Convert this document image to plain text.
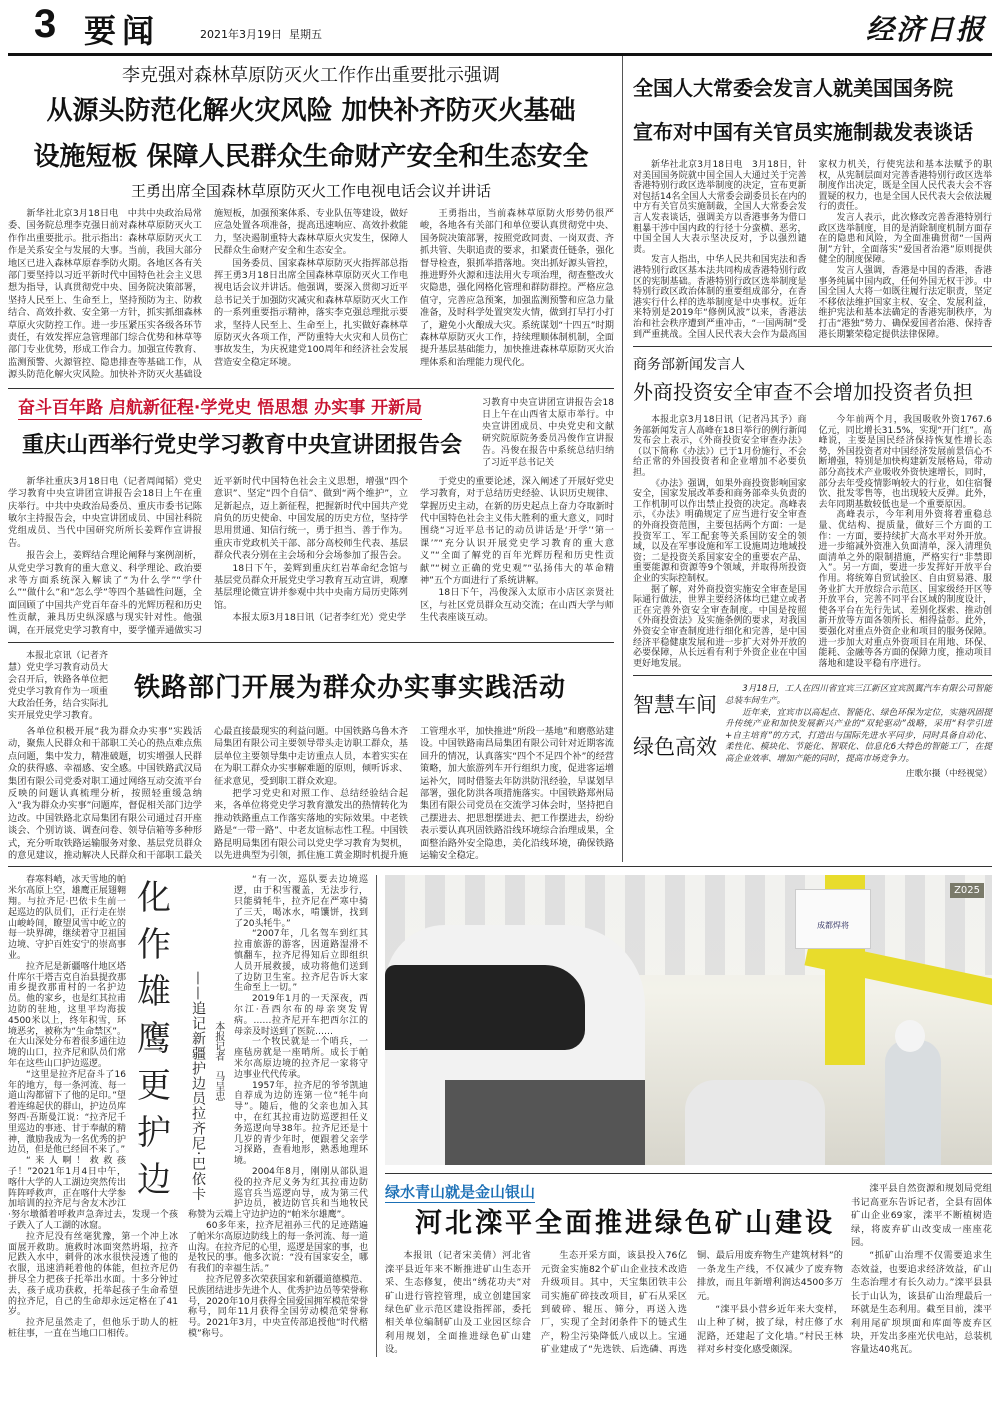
3 要闻	2021年3月19日 星期五	经济日报
李克强对森林草原防灭火工作作出重要批示强调
从源头防范化解火灾风险 加快补齐防灭火基础
设施短板 保障人民群众生命财产安全和生态安全
王勇出席全国森林草原防灭火工作电视电话会议并讲话

新华社北京3月18日电　中共中央政治局常委、国务院总理李克强日前对森林草原防灭火工作作出重要批示。批示指出：森林草原防灭火工作是关系安全与发展的大事。当前，我国大部分地区已进入森林草原春季防火期。各地区各有关部门要坚持以习近平新时代中国特色社会主义思想为指导，认真贯彻党中央、国务院决策部署，坚持人民至上、生命至上，坚持预防为主、防救结合、高效扑救、安全第一方针，抓实抓细森林草原火灾防控工作。进一步压紧压实各级各环节责任，有效发挥应急管理部门综合优势和林草等部门专业优势，形成工作合力。加强宣传教育、监测预警、火源管控、隐患排查等基础工作，从源头防范化解火灾风险。加快补齐防灭火基础设施短板，加强预案体系、专业队伍等建设，做好应急处置各项准备，提高迅速响应、高效扑救能力，坚决遏制重特大森林草原火灾发生，保障人民群众生命财产安全和生态安全。

国务委员、国家森林草原防灭火指挥部总指挥王勇3月18日出席全国森林草原防灭火工作电视电话会议并讲话。他强调，要深入贯彻习近平总书记关于加强防灾减灾和森林草原防灭火工作的一系列重要指示精神，落实李克强总理批示要求，坚持人民至上、生命至上，扎实做好森林草原防灭火各项工作，严防重特大火灾和人员伤亡事故发生，为庆祝建党100周年和经济社会发展营造安全稳定环境。

王勇指出，当前森林草原防火形势仍很严峻，各地各有关部门和单位要认真贯彻党中央、国务院决策部署，按照党政同责、一岗双责、齐抓共管、失职追责的要求，扣紧责任链条，强化督导检查，狠抓举措落地。突出抓好源头管控，推进野外火源和违法用火专项治理，彻查整改火灾隐患，强化网格化管理和群防群控。严格应急值守，完善应急预案，加强监测预警和应急力量准备，及时科学处置突发火情，做到打早打小打了，避免小火酿成大灾。系统谋划“十四五”时期森林草原防灭火工作，持续理顺体制机制，全面提升基层基础能力，加快推进森林草原防灭火治理体系和治理能力现代化。

奋斗百年路 启航新征程·学党史 悟思想 办实事 开新局
重庆山西举行党史学习教育中央宣讲团报告会
习教育中央宣讲团宣讲报告会18日上午在山西省太原市举行。中央宣讲团成员、中央党史和文献研究院原院务委员冯俊作宣讲报告。冯俊在报告中系统总结归纳了习近平总书记关

新华社重庆3月18日电（记者周闻韬）党史学习教育中央宣讲团宣讲报告会18日上午在重庆举行。中共中央政治局委员、重庆市委书记陈敏尔主持报告会，中央宣讲团成员、中国社科院党组成员、当代中国研究所所长姜辉作宣讲报告。

报告会上，姜辉结合理论阐释与案例剖析，从党史学习教育的重大意义、科学理论、政治要求等方面系统深入解读了“为什么学”“学什么”“做什么”和“怎么学”等四个基础性问题，全面回顾了中国共产党百年奋斗的光辉历程和历史性贡献，兼具历史纵深感与现实针对性。他强调，在开展党史学习教育中，要学懂弄通做实习近平新时代中国特色社会主义思想，增强“四个意识”、坚定“四个自信”、做到“两个维护”，立足新起点，迈上新征程，把握新时代中国共产党肩负的历史使命、中国发展的历史方位，坚持学思用贯通、知信行统一，勇于担当、善于作为。重庆市党政机关干部、部分高校师生代表、基层群众代表分别在主会场和分会场参加了报告会。

18日下午，姜辉到重庆红岩革命纪念馆与基层党员群众开展党史学习教育互动宣讲，观摩基层理论微宣讲并参观中共中央南方局历史陈列馆。

本报太原3月18日讯（记者李红光）党史学

于党史的重要论述，深入阐述了开展好党史学习教育，对于总结历史经验、认识历史规律、掌握历史主动，在新的历史起点上奋力夺取新时代中国特色社会主义伟大胜利的重大意义，同时围绕“习近平总书记的动员讲话是‘开学’‘第一课’”“充分认识开展党史学习教育的重大意义”“全面了解党的百年光辉历程和历史性贡献”“树立正确的党史观”“弘扬伟大的革命精神”五个方面进行了系统讲解。

18日下午，冯俊深入太原市小店区亲贤社区，与社区党员群众互动交流；在山西大学与师生代表座谈互动。

本报北京讯（记者齐慧）党史学习教育动员大会召开后，铁路各单位把党史学习教育作为一项重大政治任务，结合实际扎实开展党史学习教育。

铁路部门开展为群众办实事实践活动

各单位积极开展“我为群众办实事”实践活动，聚焦人民群众和干部职工关心的热点难点焦点问题，集中发力，精准破题，切实增强人民群众的获得感、幸福感、安全感。中国铁路武汉局集团有限公司党委对职工通过网络互动交流平台反映的问题认真梳理分析，按照轻重缓急纳入“我为群众办实事”问题库，督促相关部门边学边改。中国铁路北京局集团有限公司通过召开座谈会、个别访谈、调查问卷、领导信箱等多种形式，充分听取铁路运输服务对象、基层党员群众的意见建议，推动解决人民群众和干部职工最关心最直接最现实的利益问题。中国铁路乌鲁木齐局集团有限公司主要领导带头走访职工群众，基层单位主要领导集中走访重点人员，本着实实在在为职工群众办实事解难题的原则，倾听诉求、征求意见，受到职工群众欢迎。

把学习党史和对照工作、总结经验结合起来，各单位将党史学习教育激发出的热情转化为推动铁路重点工作落实落地的实际效果。中老铁路是“一带一路”、中老友谊标志性工程。中国铁路昆明局集团有限公司以党史学习教育为契机，以先进典型为引领，抓住施工黄金期时机提升施工管理水平，加快推进“所段一基地”和磨憨站建设。中国铁路南昌局集团有限公司针对近期客流回升的情况，认真落实“四个不足四个补”的经营策略，加大旅游列车开行组织力度，促进客运增运补欠，同时借鉴去年防洪防汛经验，早谋划早部署，强化防洪各项措施落实。中国铁路郑州局集团有限公司党员在交流学习体会时，坚持把自己摆进去、把思想摆进去、把工作摆进去，纷纷表示要认真巩固铁路沿线环境综合治理成果，全面整治路外安全隐患，美化沿线环境，确保铁路运输安全稳定。

全国人大常委会发言人就美国国务院
宣布对中国有关官员实施制裁发表谈话

新华社北京3月18日电　3月18日，针对美国国务院就中国全国人大通过关于完善香港特别行政区选举制度的决定，宣布更新对包括14名全国人大常委会副委员长在内的中方有关官员实施制裁，全国人大常委会发言人发表谈话，强调美方以香港事务为借口粗暴干涉中国内政的行径十分蛮横、恶劣，中国全国人大表示坚决反对，予以强烈谴责。

发言人指出，中华人民共和国宪法和香港特别行政区基本法共同构成香港特别行政区的宪制基础。香港特别行政区选举制度是特别行政区政治体制的重要组成部分，在香港实行什么样的选举制度是中央事权。近年来特别是2019年“修例风波”以来，香港法治和社会秩序遭到严重冲击，“一国两制”受到严重挑战。全国人民代表大会作为最高国家权力机关，行使宪法和基本法赋予的职权，从宪制层面对完善香港特别行政区选举制度作出决定，既是全国人民代表大会不容置疑的权力，也是全国人民代表大会依法履行的责任。

发言人表示，此次修改完善香港特别行政区选举制度，目的是消除制度机制方面存在的隐患和风险，为全面准确贯彻“一国两制”方针，全面落实“爱国者治港”原则提供健全的制度保障。

发言人强调，香港是中国的香港，香港事务纯属中国内政，任何外国无权干涉。中国全国人大将一如既往履行法定职责，坚定不移依法维护国家主权、安全、发展利益，维护宪法和基本法确定的香港宪制秩序，为打击“港独”势力、确保爱国者治港、保持香港长期繁荣稳定提供法律保障。

商务部新闻发言人
外商投资安全审查不会增加投资者负担

本报北京3月18日讯（记者冯其予）商务部新闻发言人高峰在18日举行的例行新闻发布会上表示，《外商投资安全审查办法》（以下简称《办法》）已于1月份施行，不会给正常的外国投资者和企业增加不必要负担。

《办法》强调，如果外商投资影响国家安全，国家发展改革委和商务部牵头负责的工作机制可以作出禁止投资的决定。高峰表示，《办法》明确规定了应当进行安全审查的外商投资范围，主要包括两个方面：一是投资军工、军工配套等关系国防安全的领域，以及在军事设施和军工设施周边地域投资；二是投资关系国家安全的重要农产品、重要能源和资源等9个领域，并取得所投资企业的实际控制权。

据了解，对外商投资实施安全审查是国际通行做法，世界主要经济体均已建立或者正在完善外资安全审查制度。中国是按照《外商投资法》及实施条例的要求，对我国外资安全审查制度进行细化和完善，是中国经济平稳健康发展和进一步扩大对外开放的必要保障，从长远看有利于外资企业在中国更好地发展。

今年前两个月，我国吸收外资1767.6亿元，同比增长31.5%，实现“开门红”。高峰说，主要是国民经济保持恢复性增长态势，外国投资者对中国经济发展前景信心不断增强，特别是加快构建新发展格局，带动部分高技术产业吸收外资快速增长，同时，部分去年受疫情影响较大的行业，如住宿餐饮、批发零售等，也出现较大反弹。此外，去年同期基数较低也是一个重要原因。

高峰表示，今年利用外资将着重稳总量、优结构、提质量，做好三个方面的工作：一方面，要持续扩大高水平对外开放。进一步缩减外资准入负面清单，深入清理负面清单之外的限制措施，严格实行“非禁即入”。另一方面，要进一步发挥好开放平台作用。将统筹自贸试验区、自由贸易港、服务业扩大开放综合示范区、国家级经开区等开放平台，完善不同平台区域的制度设计，使各平台在先行先试、差别化探索、推动创新开放等方面各领所长、相得益彰。此外，要强化对重点外资企业和项目的服务保障。进一步加大对重点外资项目在用地、环保、能耗、金融等各方面的保障力度，推动项目落地和建设平稳有序进行。

智慧车间
绿色高效

3月18日，工人在四川省宜宾三江新区宜宾凯翼汽车有限公司智能总装车间生产。

近年来，宜宾市以高起点、智能化、绿色环保为定位，实施巩固提升传统产业和加快发展新兴产业的“双轮驱动”战略，采用“科学引进+自主培育”的方式，打造出与国际先进水平同步，同时具备自动化、柔性化、模块化、节能化、智联化、信息化6大特色的智能工厂，在提高企业效率、增加产能的同时，提高市场竞争力。

庄歌尔摄（中经视觉）
化
作
雄
鹰
更
护
边

春寒料峭，冰天雪地的帕米尔高原上空，雄鹰正展翅翱翔。与拉齐尼·巴依卡生前一起巡边的队员们，正行走在崇山峻岭间，瞭望风雪中屹立的每一块界碑，继续着守卫祖国边境、守护百姓安宁的崇高事业。

拉齐尼是新疆喀什地区塔什库尔干塔吉克自治县提孜那甫乡提孜那甫村的一名护边员。他的家乡，也是红其拉甫边防的驻地，这里平均海拔4500米以上，终年积雪，环境恶劣，被称为“生命禁区”。在大山深处分布着很多通往边境的山口，拉齐尼和队员们常年在这些山口护边巡逻。

“这里是拉齐尼奋斗了16年的地方，每一条河流、每一道山沟都留下了他的足印。”望着连绵起伏的群山，护边员库努西·吾斯曼江说：“拉齐尼千里巡边的事迹、甘于奉献的精神，激励我成为一名优秀的护边员，但是他已经回不来了。”

“来人啊！救救孩子！”2021年1月4日中午，喀什大学的人工湖边突然传出阵阵呼救声，正在喀什大学参加培训的拉齐尼与舍友木沙江·努尔墩循着呼救声急奔过去，发现一个孩子跌入了人工湖的冰窟。

拉齐尼没有丝毫犹豫，第一个冲上冰面展开救助。施救时冰面突然坍塌，拉齐尼跌入水中，刺骨的冰水很快浸透了他的衣服，迅速消耗着他的体能，但拉齐尼仍拼尽全力把孩子托举出水面。十多分钟过去，孩子成功获救，托举起孩子生命希望的拉齐尼，自己的生命却永远定格在了41岁。

拉齐尼虽然走了，但他乐于助人的桩桩往事，一直在当地口口相传。

——追记新疆护边员拉齐尼·巴依卡 本报记者　马呈忠

“有一次，巡队要去边境巡逻，由于积雪覆盖，无法步行，只能骑牦牛，拉齐尼在严寒中骑了三天，喝冰水，啃馕饼，找到了20头牦牛。”

“2007年，几名驾车到红其拉甫旅游的游客，因道路湿滑不慎翻车，拉齐尼得知后立即组织人员开展救援，成功将他们送到了边防卫生室。拉齐尼告诉大家生命至上一切。”

2019年1月的一天深夜，西尔江·吾西尔布的母亲突发胃病。……拉齐尼开车把西尔江的母亲及时送到了医院……

一个牧民就是一个哨兵，一座毡房就是一座哨所。成长于帕米尔高原边境的拉齐尼一家将守边事业代代传承。

1957年，拉齐尼的爷爷凯迪自荐成为边防连第一位“牦牛向导”。随后，他的父亲也加入其中，在红其拉甫边防巡逻担任义务巡逻向导38年。拉齐尼还是十几岁的青少年时，便跟着父亲学习探路，查看地形，熟悉地理环境。

2004年8月，刚刚从部队退役的拉齐尼义务为红其拉甫边防巡官兵当巡逻向导，成为第三代护边员，被边防官兵和当地牧民称赞为云端上守边护边的“帕米尔雄鹰”。

60多年来，拉齐尼祖孙三代的足迹踏遍了帕米尔高原边防线上的每一条河流、每一道山沟。在拉齐尼的心里，巡逻是国家的事，也是牧民的事。他多次说：“没有国家安全，哪有我们的幸福生活。”

拉齐尼曾多次荣获国家和新疆道德模范、民族团结进步先进个人、优秀护边员等荣誉称号，2020年10月获得全国爱国拥军模范荣誉称号，同年11月获得全国劳动模范荣誉称号。2021年3月，中央宣传部追授他“时代楷模”称号。

成都焊将
Z025
绿水青山就是金山银山
河北滦平全面推进绿色矿山建设

本报讯（记者宋美倩）河北省滦平县近年来不断推进矿山生态开采、生态修复，使出“绣花功夫”对矿山进行管控管理，成立创建国家绿色矿业示范区建设指挥部，委托相关单位编制矿山及工业园区综合利用规划，全面推进绿色矿山建设。

生态开采方面，该县投入76亿元资金实施82个矿山企业技术改造升级项目。其中，天宝集团铁丰公司实施矿碎技改项目，矿石从采区到破碎、辊压、筛分，再送入选厂，实现了全封闭条件下的链式生产，粉尘污染降低八成以上。宝通矿业建成了“先选铁、后选磷、再选铜、最后用废弃物生产建筑材料”的一条龙生产线，不仅减少了废弃物排放，而且年新增利润达4500多万元。

“滦平县小营乡近年来大变样，山上种了树，披了绿，村庄修了水泥路，还建起了文化墙。”村民王林祥对乡村变化感受颇深。

滦平县自然资源和规划局党组书记高亚东告诉记者，全县有固体矿山企业69家，滦平不断植树造绿，将废弃矿山改变成一座座花园。

“抓矿山治理不仅需要追求生态效益，也要追求经济效益，矿山生态治理才有长久动力。”滦平县县长于山认为，该县矿山治理最后一环就是生态利用。截至目前，滦平利用尾矿坝坝面和库面等废弃区块，开发出多座光伏电站，总装机容量达40兆瓦。
